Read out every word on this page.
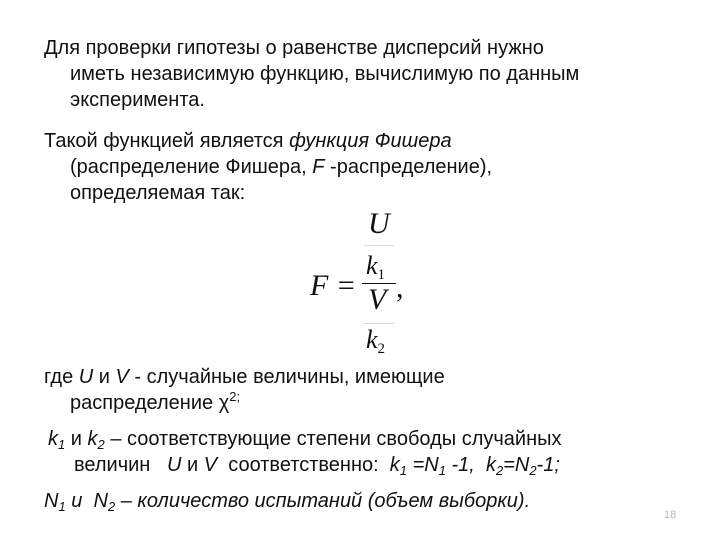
Для проверки гипотезы о равенстве дисперсий нужно
иметь независимую функцию, вычислимую по данным
эксперимента.

Такой функцией является функция Фишера
(распределение Фишера, F -распределение),
определяемая так:

F =
U
$k_1$
V
$k_2$
,

где U и V - случайные величины, имеющие
распределение $\chi^{2;}$

$k_1$ и $k_2$ – соответствующие степени свободы случайных
величин   U и V  соответственно:  $k_1 =N_1$ -1,  $k_2=N_2-1$;

$N_1$ и  $N_2$ – количество испытаний (объем выборки).

18
